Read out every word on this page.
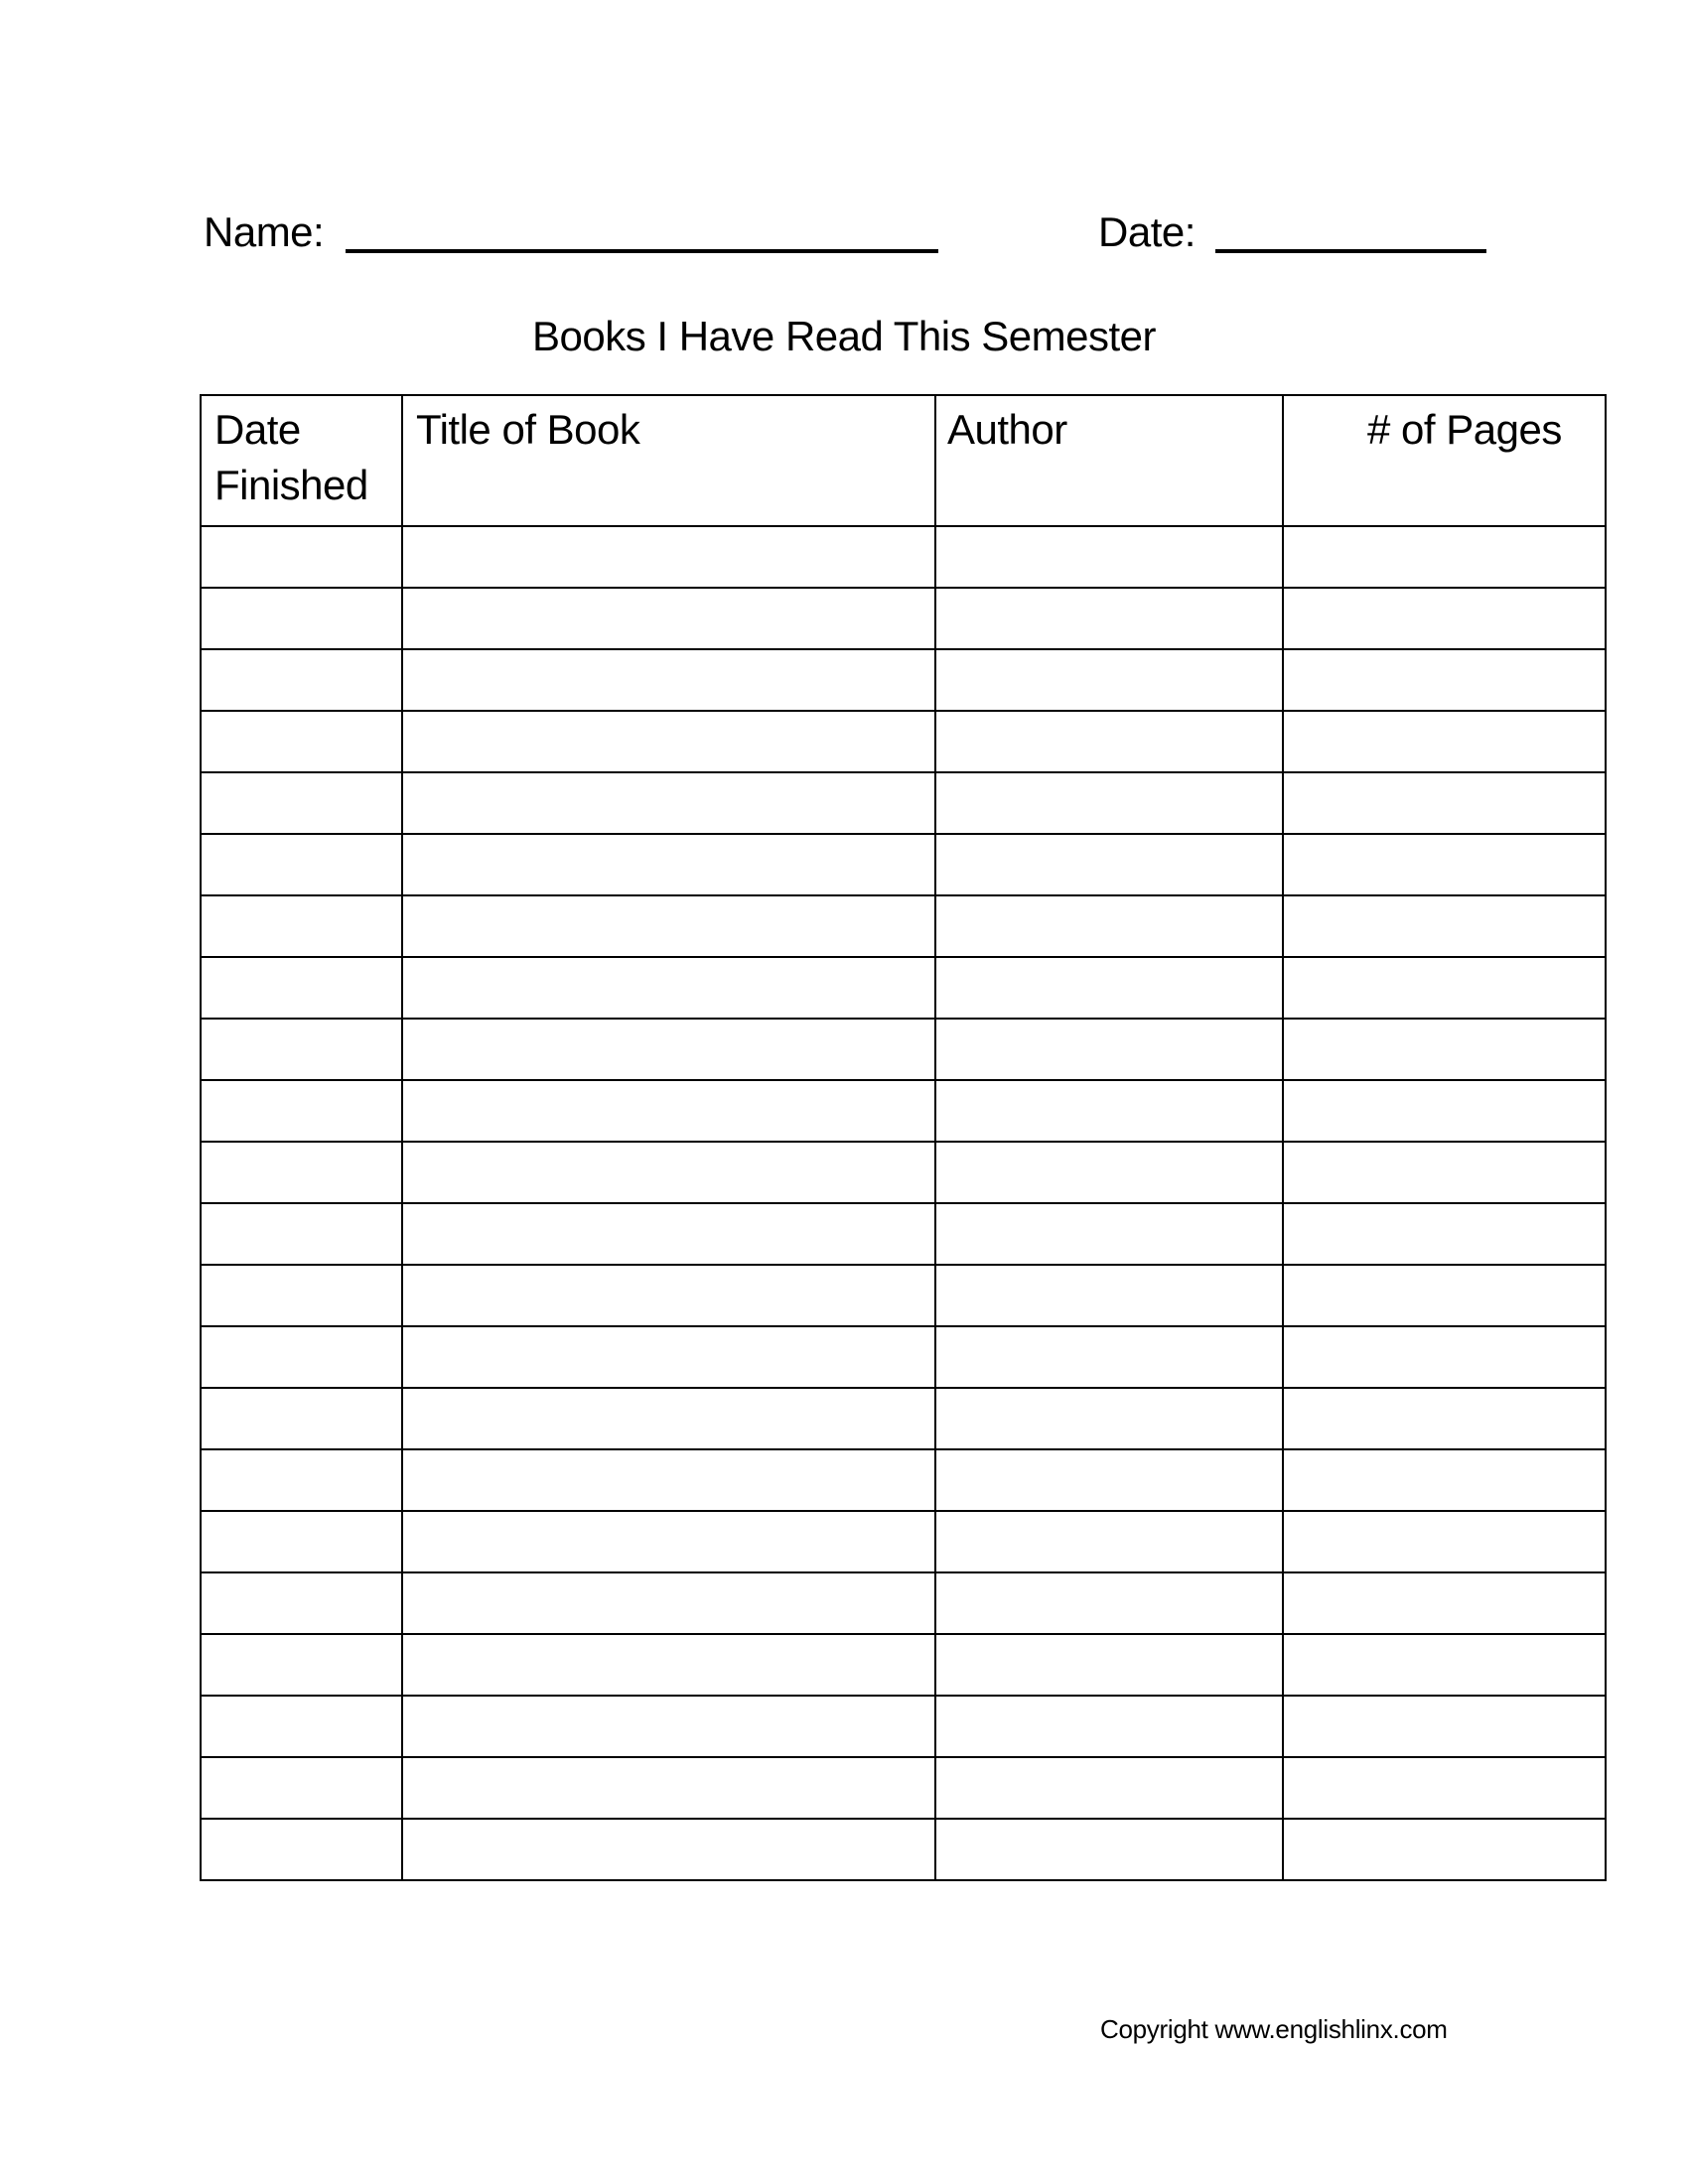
Name:	Date:
Books I Have Read This Semester
Date
Finished	Title of Book	Author	# of Pages

Copyright www.englishlinx.com
